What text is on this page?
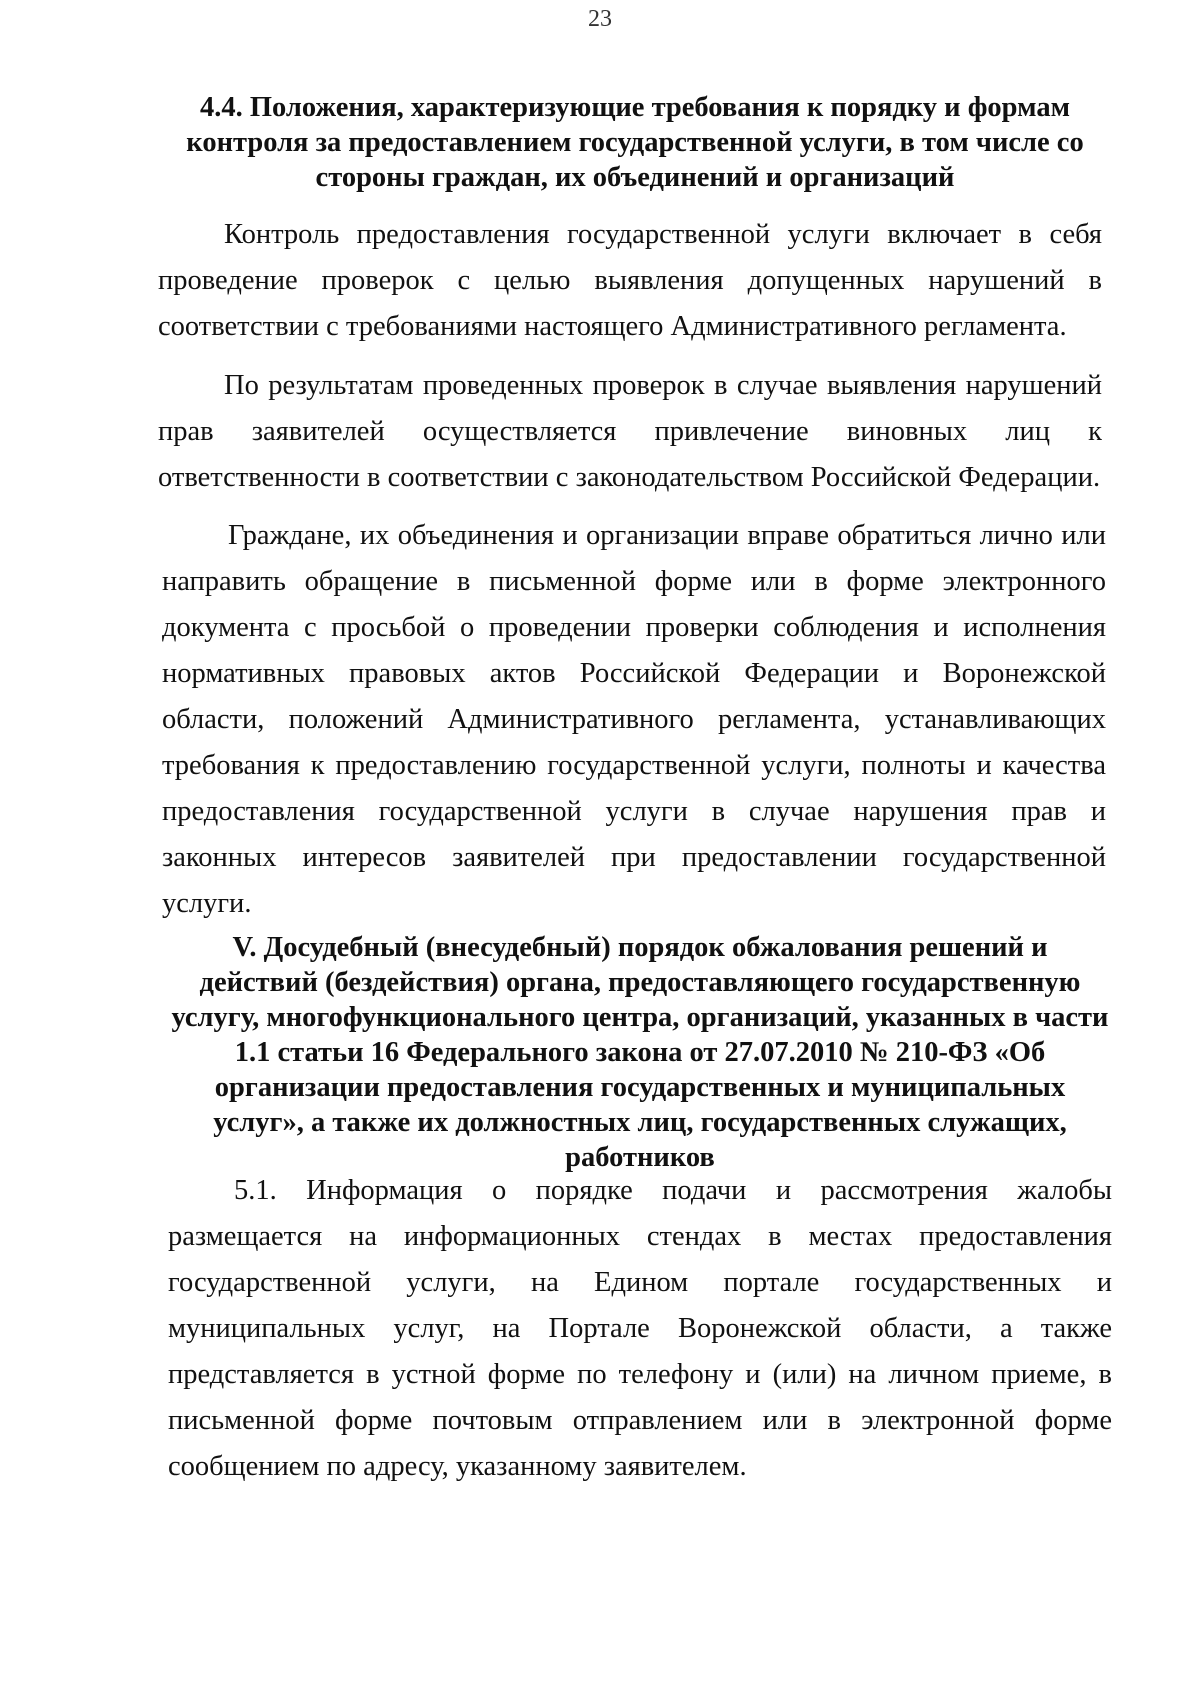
23
4.4. Положения, характеризующие требования к порядку и формам контроля за предоставлением государственной услуги, в том числе со стороны граждан, их объединений и организаций

Контроль предоставления государственной услуги включает в себя проведение проверок с целью выявления допущенных нарушений в соответствии с требованиями настоящего Административного регламента.

По результатам проведенных проверок в случае выявления нарушений прав заявителей осуществляется привлечение виновных лиц к ответственности в соответствии с законодательством Российской Федерации.

Граждане, их объединения и организации вправе обратиться лично или направить обращение в письменной форме или в форме электронного документа с просьбой о проведении проверки соблюдения и исполнения нормативных правовых актов Российской Федерации и Воронежской области, положений Административного регламента, устанавливающих требования к предоставлению государственной услуги, полноты и качества предоставления государственной услуги в случае нарушения прав и законных интересов заявителей при предоставлении государственной услуги.

V. Досудебный (внесудебный) порядок обжалования решений и действий (бездействия) органа, предоставляющего государственную услугу, многофункционального центра, организаций, указанных в части 1.1 статьи 16 Федерального закона от 27.07.2010 № 210-ФЗ «Об организации предоставления государственных и муниципальных услуг», а также их должностных лиц, государственных служащих, работников

5.1. Информация о порядке подачи и рассмотрения жалобы размещается на информационных стендах в местах предоставления государственной услуги, на Едином портале государственных и муниципальных услуг, на Портале Воронежской области, а также представляется в устной форме по телефону и (или) на личном приеме, в письменной форме почтовым отправлением или в электронной форме сообщением по адресу, указанному заявителем.
